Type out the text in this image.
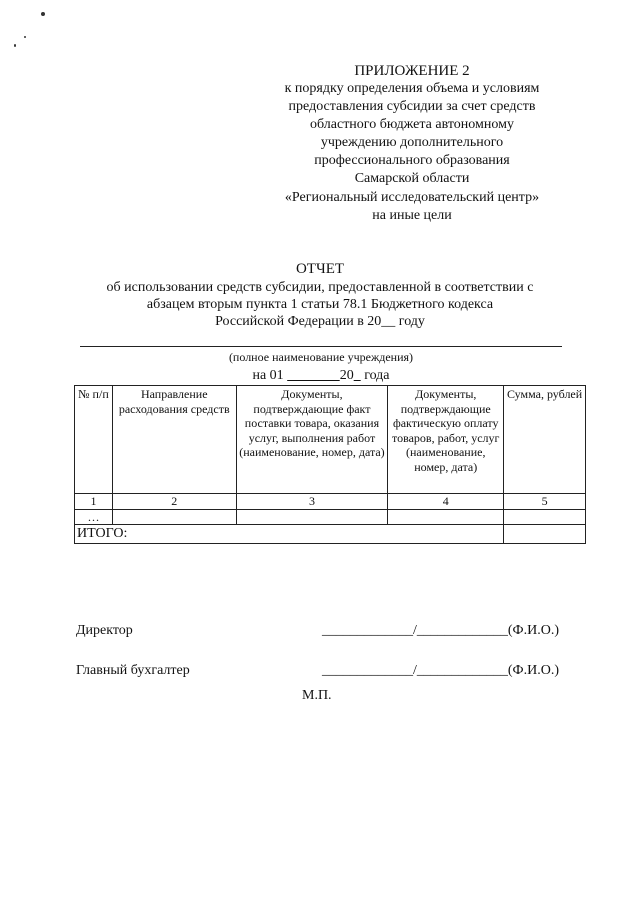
ПРИЛОЖЕНИЕ 2
к порядку определения объема и условиям
предоставления субсидии за счет средств
областного бюджета автономному
учреждению дополнительного
профессионального образования
Самарской области
«Региональный исследовательский центр»
на иные цели
ОТЧЕТ
об использовании средств субсидии, предоставленной в соответствии с
абзацем вторым пункта 1 статьи 78.1 Бюджетного кодекса
Российской Федерации в 20__ году
(полное наименование учреждения)
на 01	20 года
№ п/п	Направление расходования средств	Документы, подтверждающие факт поставки товара, оказания услуг, выполнения работ (наименование, номер, дата)	Документы, подтверждающие фактическую оплату товаров, работ, услуг (наименование, номер, дата)	Сумма, рублей
1	2	3	4	5
…				
ИТОГО:				
Директор	_____________/_____________(Ф.И.О.)
Главный бухгалтер	_____________/_____________(Ф.И.О.)
М.П.
